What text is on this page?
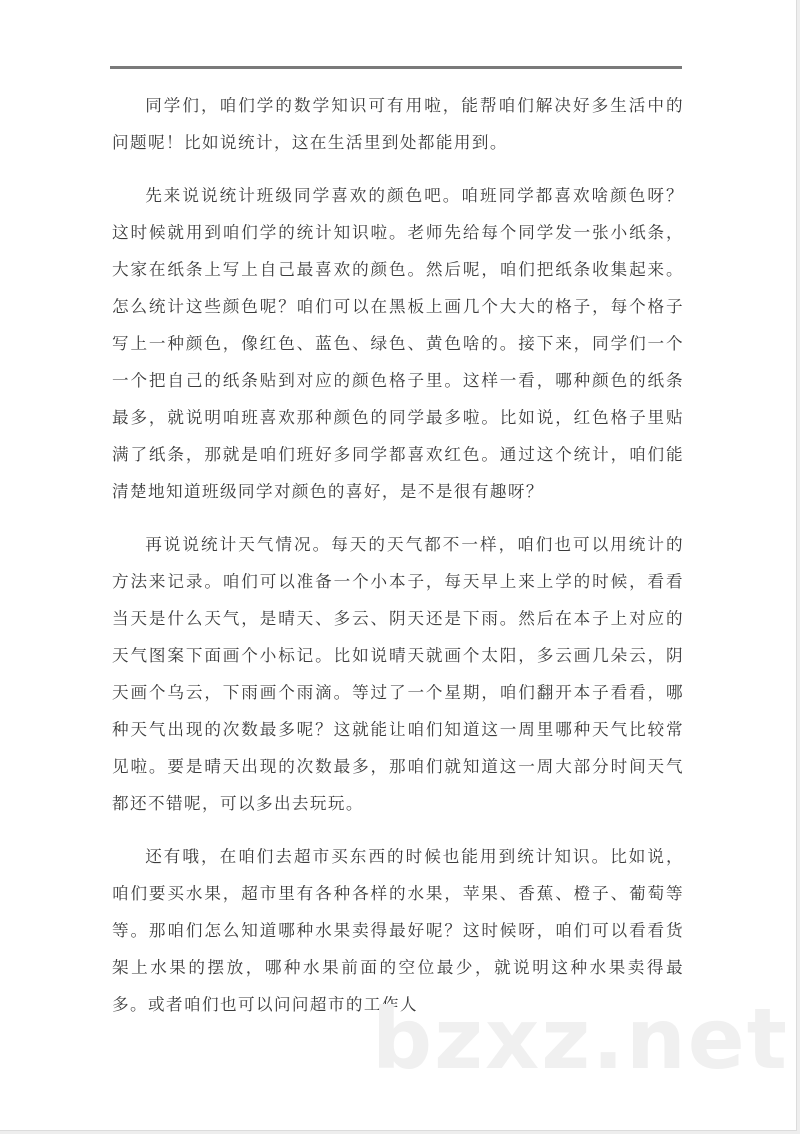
同学们，咱们学的数学知识可有用啦，能帮咱们解决好多生活中的问题呢！比如说统计，这在生活里到处都能用到。

先来说说统计班级同学喜欢的颜色吧。咱班同学都喜欢啥颜色呀？这时候就用到咱们学的统计知识啦。老师先给每个同学发一张小纸条，大家在纸条上写上自己最喜欢的颜色。然后呢，咱们把纸条收集起来。怎么统计这些颜色呢？咱们可以在黑板上画几个大大的格子，每个格子写上一种颜色，像红色、蓝色、绿色、黄色啥的。接下来，同学们一个一个把自己的纸条贴到对应的颜色格子里。这样一看，哪种颜色的纸条最多，就说明咱班喜欢那种颜色的同学最多啦。比如说，红色格子里贴满了纸条，那就是咱们班好多同学都喜欢红色。通过这个统计，咱们能清楚地知道班级同学对颜色的喜好，是不是很有趣呀？

再说说统计天气情况。每天的天气都不一样，咱们也可以用统计的方法来记录。咱们可以准备一个小本子，每天早上来上学的时候，看看当天是什么天气，是晴天、多云、阴天还是下雨。然后在本子上对应的天气图案下面画个小标记。比如说晴天就画个太阳，多云画几朵云，阴天画个乌云，下雨画个雨滴。等过了一个星期，咱们翻开本子看看，哪种天气出现的次数最多呢？这就能让咱们知道这一周里哪种天气比较常见啦。要是晴天出现的次数最多，那咱们就知道这一周大部分时间天气都还不错呢，可以多出去玩玩。

还有哦，在咱们去超市买东西的时候也能用到统计知识。比如说，咱们要买水果，超市里有各种各样的水果，苹果、香蕉、橙子、葡萄等等。那咱们怎么知道哪种水果卖得最好呢？这时候呀，咱们可以看看货架上水果的摆放，哪种水果前面的空位最少，就说明这种水果卖得最多。或者咱们也可以问问超市的工作人

bzxz.net
